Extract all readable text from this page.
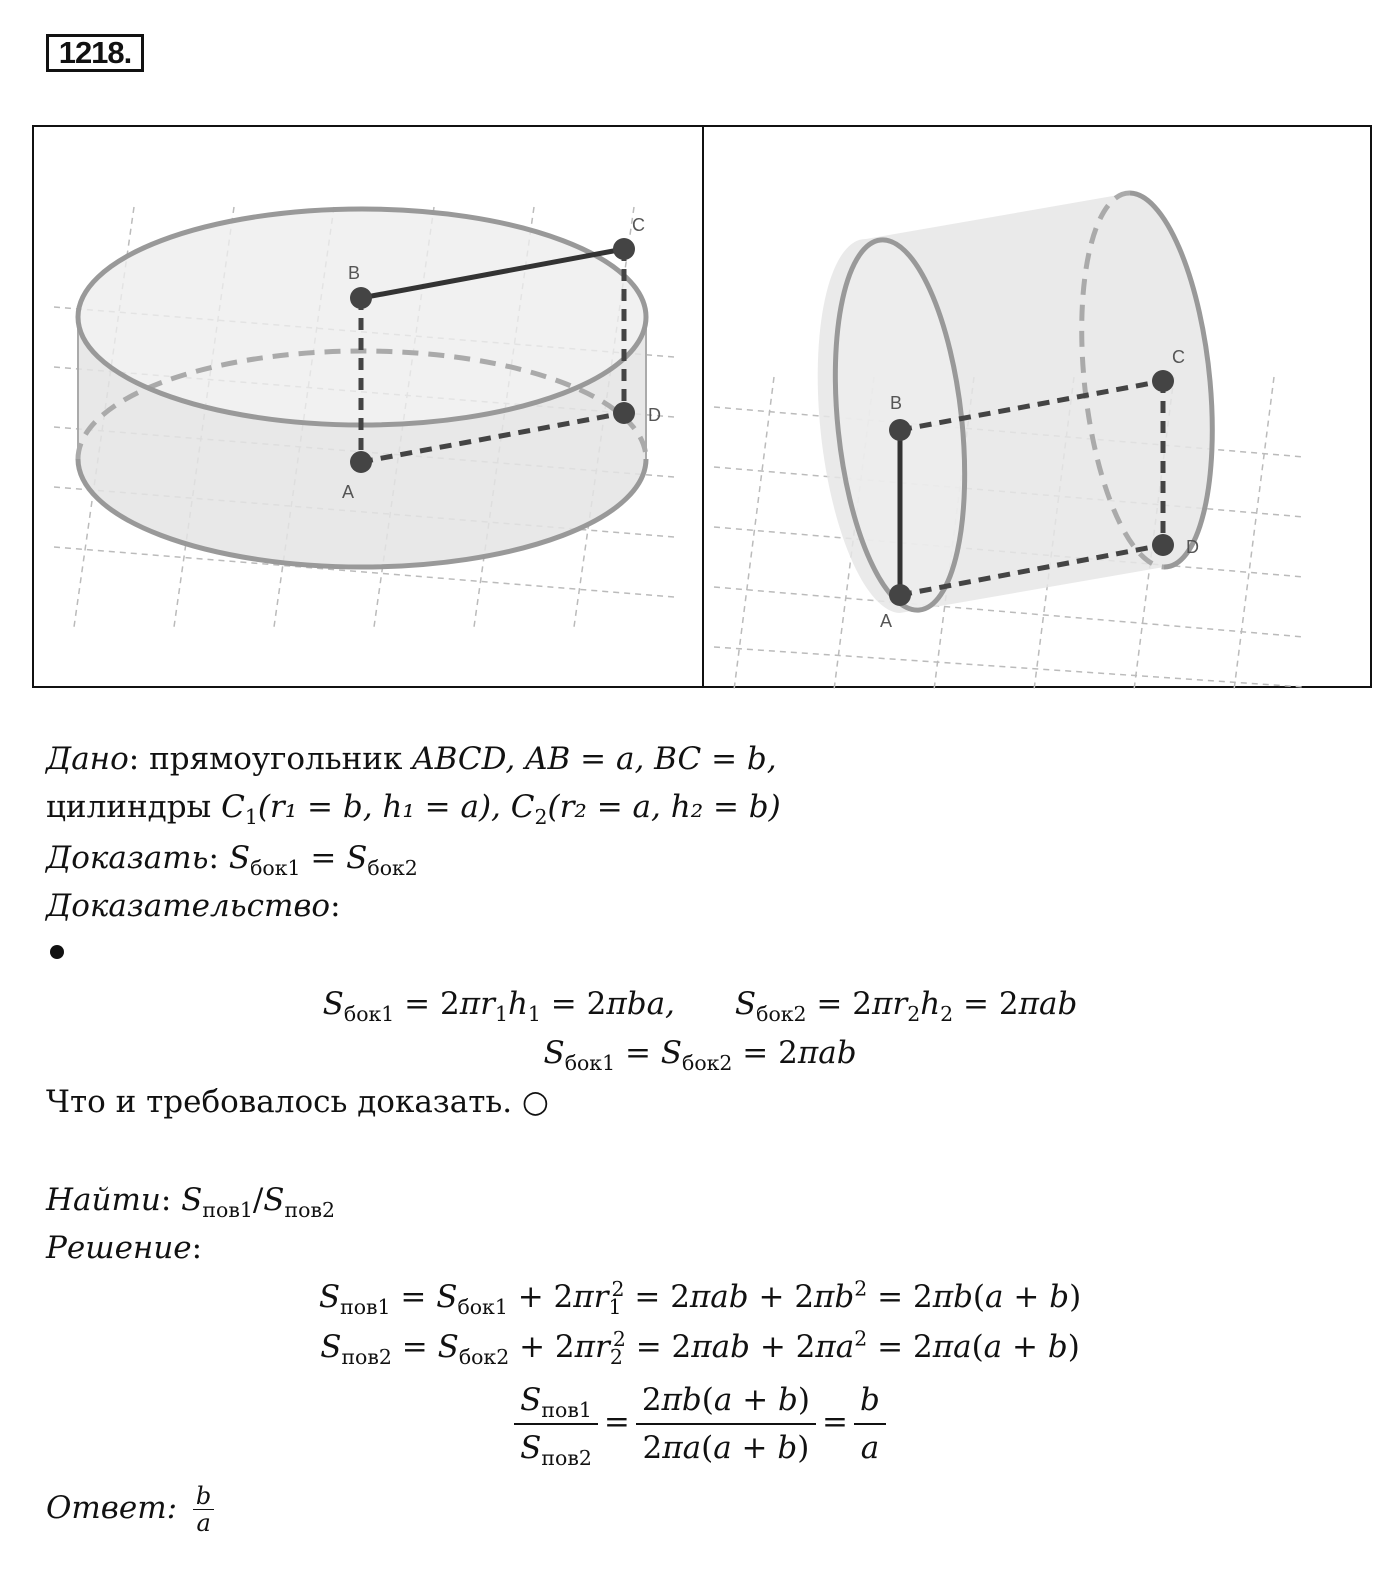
1218.
A
B
C
D
A
B
C
D
Дано: прямоугольник ABCD, AB = a, BC = b,
цилиндры $C_1(r_1 = b$, h₁ = a), $C_2(r_2 = a$, h₂ = b)
Доказать: $S_{бок1} = S_{бок2}$
Доказательство:
$S_{бок1} = 2\pi r_1h_1 = 2\pi ba$, $S_{бок2} = 2\pi r_2h_2 = 2\pi ab$
$S_{бок1} = S_{бок2} = 2\pi ab$
Что и требовалось доказать. ○
Найти: $S_{пов1}/S_{пов2}$
Решение:
$S_{пов1} = S_{бок1} + 2\pi r_1^2 = 2\pi ab + 2\pi b^2 = 2\pi b(a + b)$
$S_{пов2} = S_{бок2} + 2\pi r_2^2 = 2\pi ab + 2\pi a^2 = 2\pi a(a + b)$
$\frac{S_{пов1}}{S_{пов2}} = \frac{2\pi b(a + b)}{2\pi a(a + b)} = \frac{b}{a}$
Ответ: $\frac{b}{a}$
